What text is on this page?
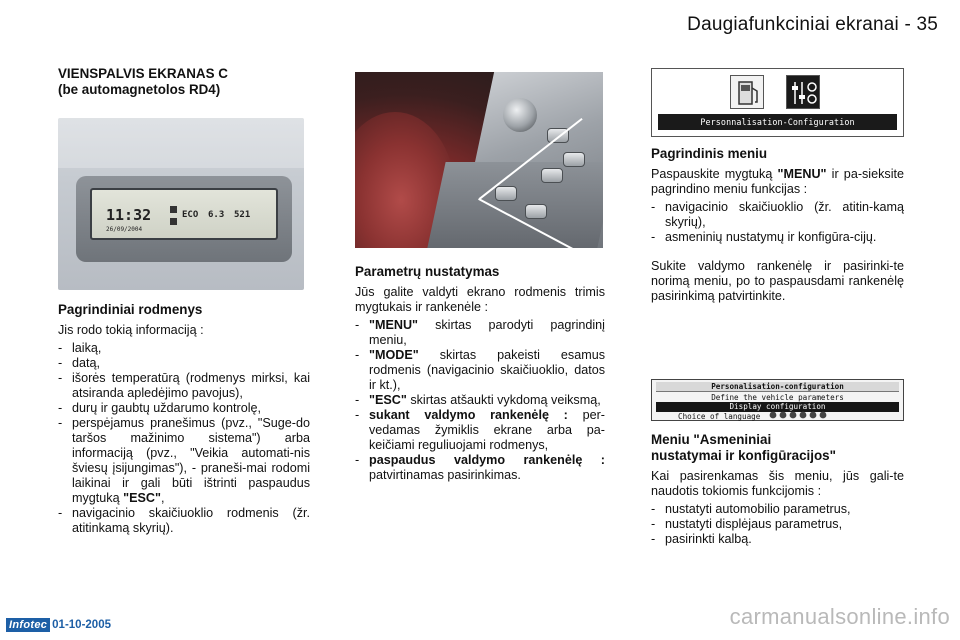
Daugiafunkciniai ekranai - 35
VIENSPALVIS EKRANAS C
(be automagnetolos RD4)
11:32
26/09/2004
ECO 6.3 521
Pagrindiniai rodmenys

Jis rodo tokią informaciją :

- laiką,
- datą,
- išorės temperatūrą (rodmenys mirksi, kai atsiranda apledėjimo pavojus),
- durų ir gaubtų uždarumo kontrolę,
- perspėjamus pranešimus (pvz., "Suge-do taršos mažinimo sistema") arba informaciją (pvz., "Veikia automati-nis šviesų įsijungimas"), - praneši-mai rodomi laikinai ir gali būti ištrinti paspaudus mygtuką "ESC",
- navigacinio skaičiuoklio rodmenis (žr. atitinkamą skyrių).
Parametrų nustatymas

Jūs galite valdyti ekrano rodmenis trimis mygtukais ir rankenėle :

- "MENU" skirtas parodyti pagrindinį meniu,
- "MODE" skirtas pakeisti esamus rodmenis (navigacinio skaičiuoklio, datos ir kt.),
- "ESC" skirtas atšaukti vykdomą veiksmą,
- sukant valdymo rankenėlę : per-vedamas žymiklis ekrane arba pa-keičiami reguliuojami rodmenys,
- paspaudus valdymo rankenėlę : patvirtinamas pasirinkimas.
Personnalisation-Configuration
Pagrindinis meniu

Paspauskite mygtuką "MENU" ir pa-sieksite pagrindino meniu funkcijas :

- navigacinio skaičiuoklio (žr. atitin-kamą skyrių),
- asmeninių nustatymų ir konfigūra-cijų.

Sukite valdymo rankenėlę ir pasirinki-te norimą meniu, po to paspausdami rankenėlę pasirinkimą patvirtinkite.

Personalisation-configuration
Define the vehicle parameters
Display configuration
Choice of language
Meniu "Asmeniniai
nustatymai ir konfigūracijos"

Kai pasirenkamas šis meniu, jūs gali-te naudotis tokiomis funkcijomis :

- nustatyti automobilio parametrus,
- nustatyti displėjaus parametrus,
- pasirinkti kalbą.
Infotec 01-10-2005	carmanualsonline.info
